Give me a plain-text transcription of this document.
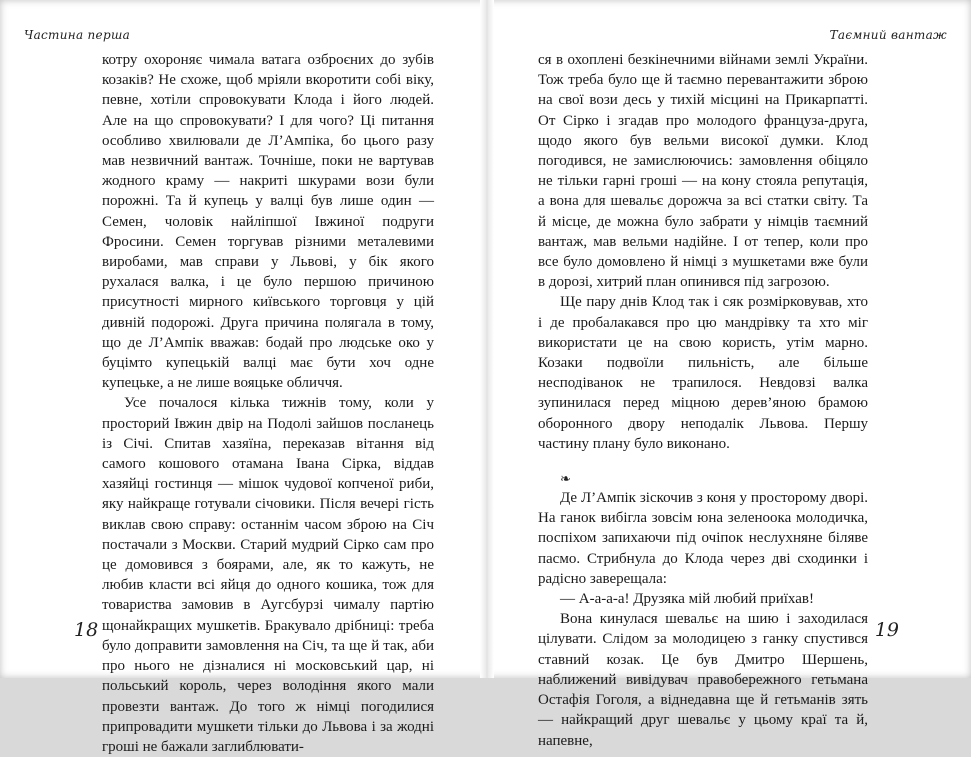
Частина перша

котру охороняє чимала ватага озброєних до зубів козаків? Не схоже, щоб мріяли вкоротити собі віку, певне, хотіли спровокувати Клода і його людей. Але на що спровокувати? І для чого? Ці питання особливо хвилювали де Л’Ампіка, бо цього разу мав незвичний вантаж. Точніше, поки не вартував жодного краму — накриті шкурами вози були порожні. Та й купець у валці був лише один — Семен, чоловік найліпшої Івжиної подруги Фросини. Семен торгував різними металевими виробами, мав справи у Львові, у бік якого рухалася валка, і це було першою причиною присутності мирного київського торговця у цій дивній подорожі. Друга причина полягала в тому, що де Л’Ампік вважав: бодай про людське око у буцімто купецькій валці має бути хоч одне купецьке, а не лише вояцьке обличчя.

Усе почалося кілька тижнів тому, коли у просторий Івжин двір на Подолі зайшов посланець із Січі. Спитав хазяїна, переказав вітання від самого кошового отамана Івана Сірка, віддав хазяйці гостинця — мішок чудової копченої риби, яку найкраще готували січовики. Після вечері гість виклав свою справу: останнім часом зброю на Січ постачали з Москви. Старий мудрий Сірко сам про це домовився з боярами, але, як то кажуть, не любив класти всі яйця до одного кошика, тож для товариства замовив в Аугсбурзі чималу партію щонайкращих мушкетів. Бракувало дрібниці: треба було доправити замовлення на Січ, та ще й так, аби про нього не дізналися ні московський цар, ні польський король, через володіння якого мали провезти вантаж. До того ж німці погодилися припровадити мушкети тільки до Львова і за жодні гроші не бажали заглиблювати-

18
Таємний вантаж

ся в охоплені безкінечними війнами землі України. Тож треба було ще й таємно перевантажити зброю на свої вози десь у тихій місцині на Прикарпатті. От Сірко і згадав про молодого француза-друга, щодо якого був вельми високої думки. Клод погодився, не замислюючись: замовлення обіцяло не тільки гарні гроші — на кону стояла репутація, а вона для шевальє дорожча за всі статки світу. Та й місце, де можна було забрати у німців таємний вантаж, мав вельми надійне. І от тепер, коли про все було домовлено й німці з мушкетами вже були в дорозі, хитрий план опинився під загрозою.

Ще пару днів Клод так і сяк розмірковував, хто і де пробалакався про цю мандрівку та хто міг використати це на свою користь, утім марно. Козаки подвоїли пильність, але більше несподіванок не трапилося. Невдовзі валка зупинилася перед міцною дерев’яною брамою оборонного двору неподалік Львова. Першу частину плану було виконано.

❧

Де Л’Ампік зіскочив з коня у просторому дворі. На ганок вибігла зовсім юна зеленоока молодичка, поспіхом запихаючи під очіпок неслухняне біляве пасмо. Стрибнула до Клода через дві сходинки і радісно заверещала:

— А-а-а-а! Друзяка мій любий приїхав!

Вона кинулася шевальє на шию і заходилася цілувати. Слідом за молодицею з ганку спустився ставний козак. Це був Дмитро Шершень, наближений вивідувач правобережного гетьмана Остафія Гоголя, а віднедавна ще й гетьманів зять — найкращий друг шевальє у цьому краї та й, напевне,

19
